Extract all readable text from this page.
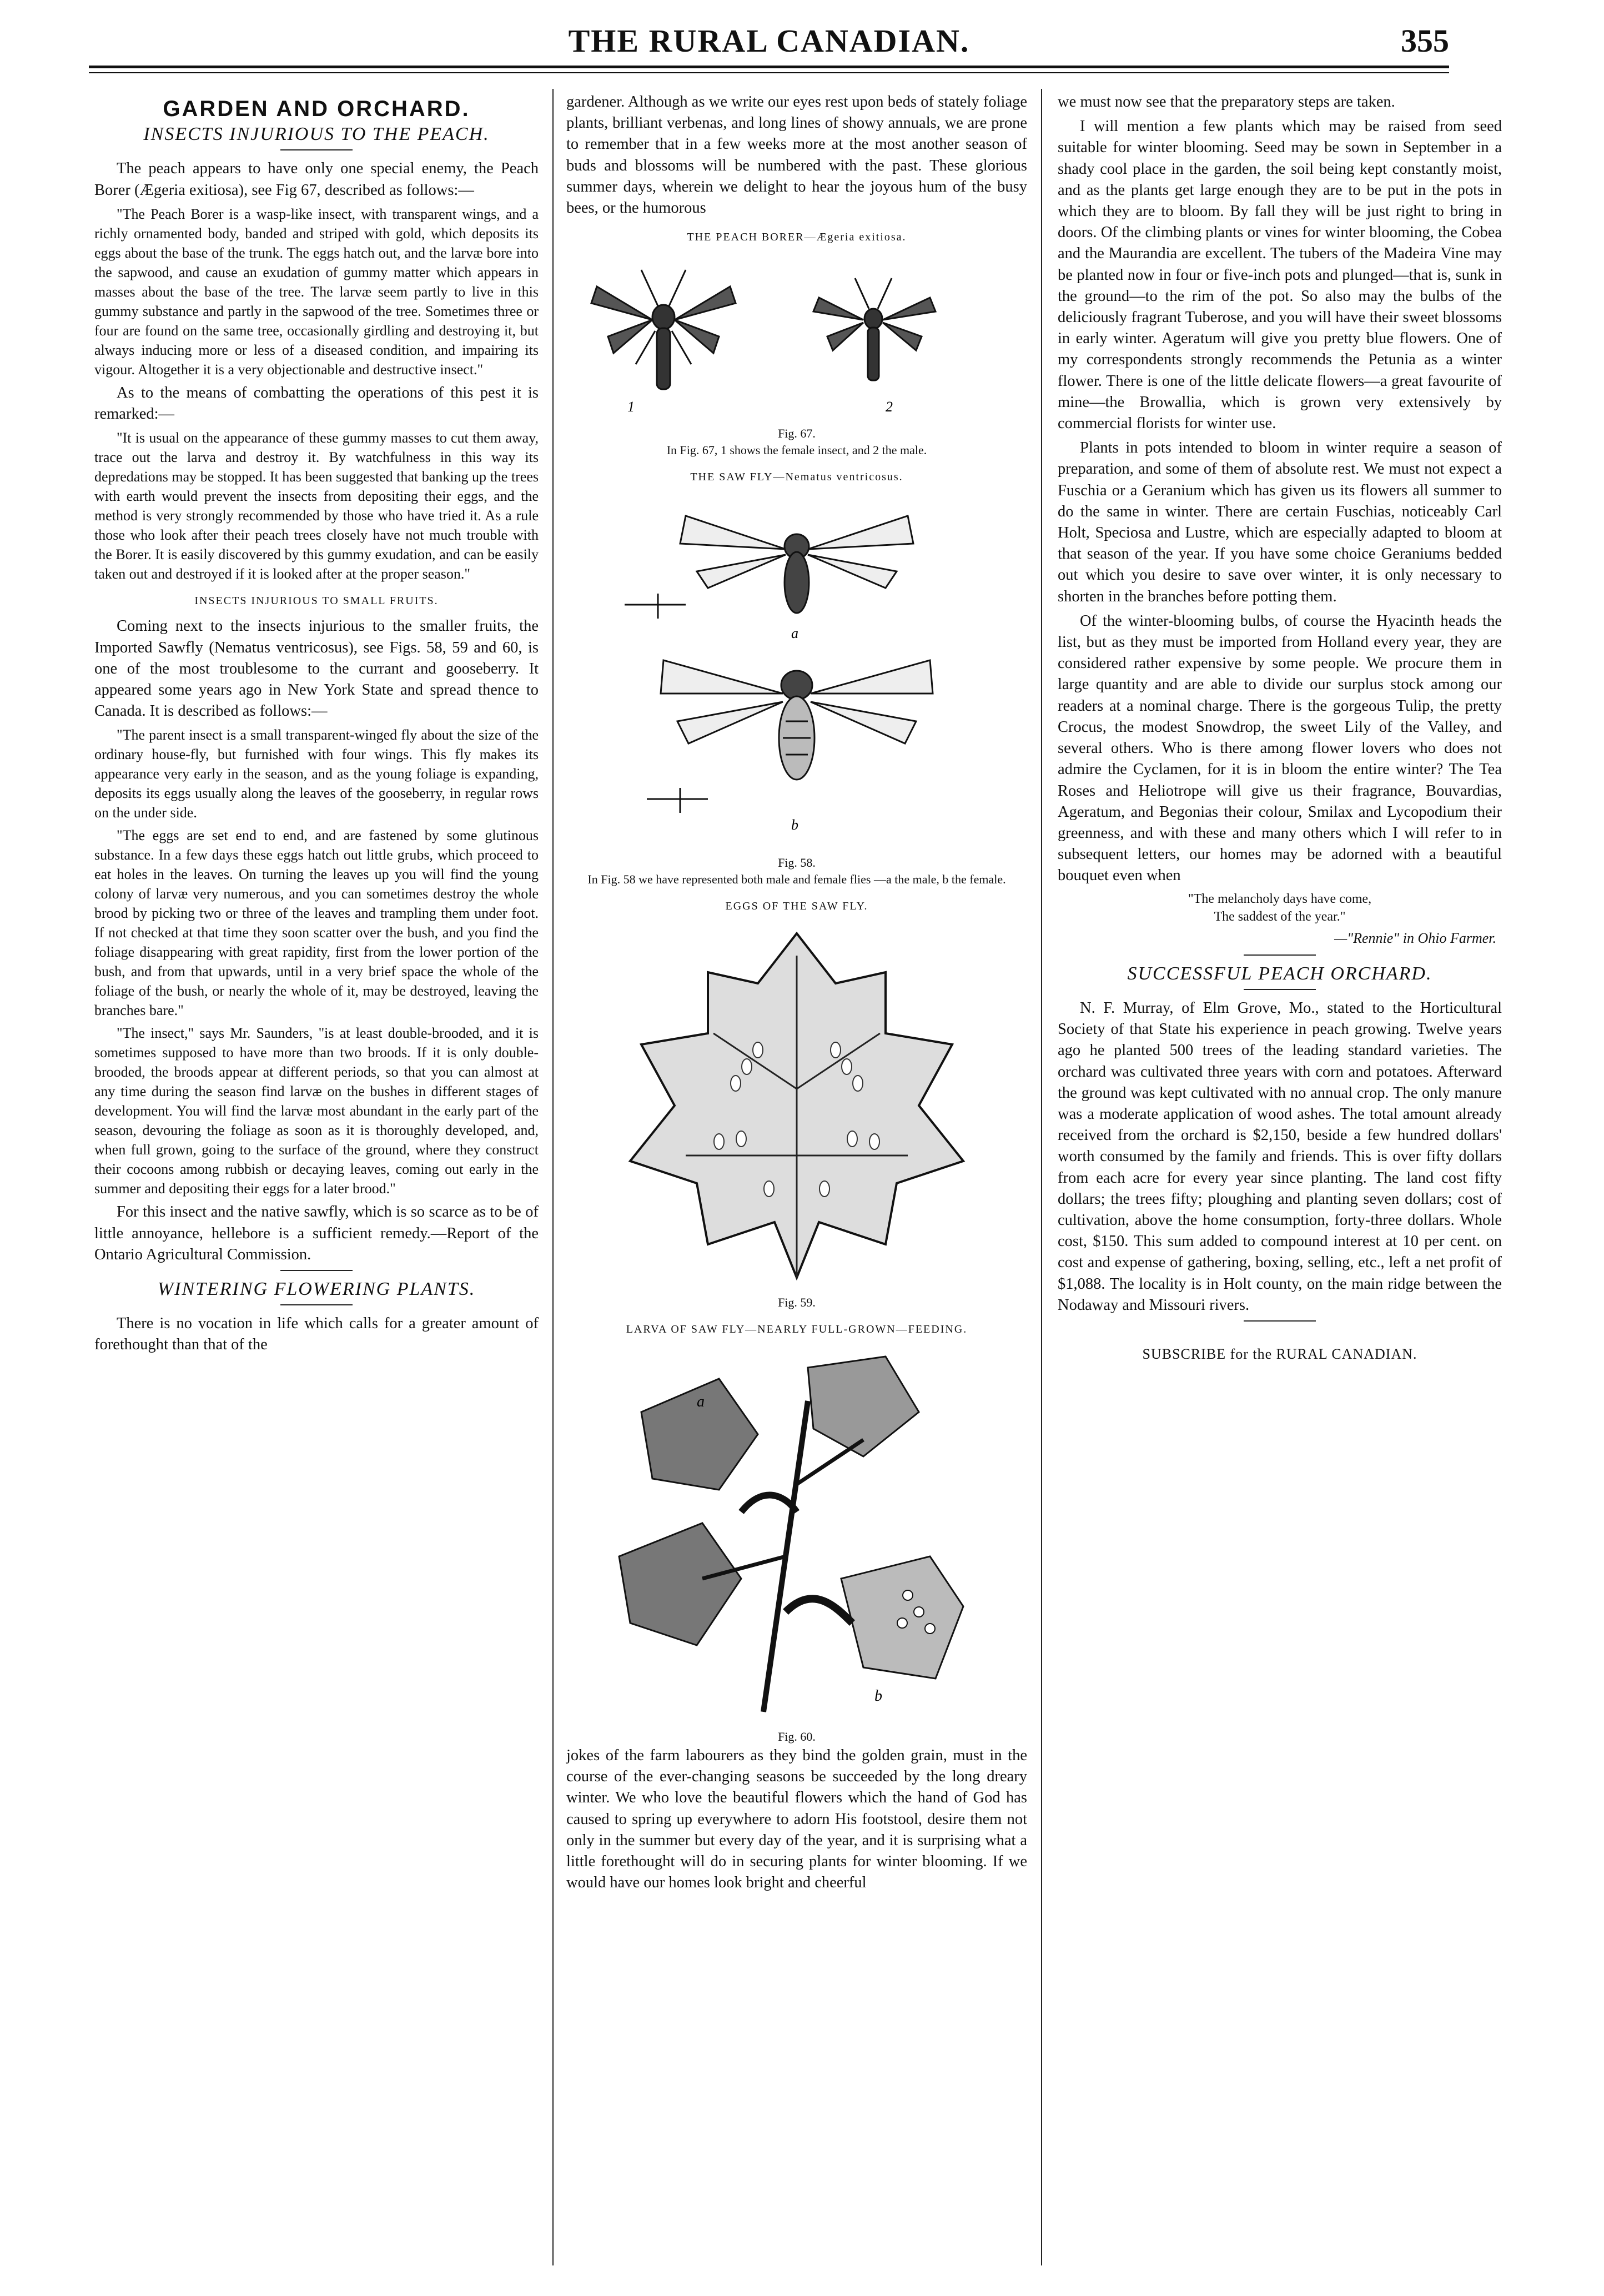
THE RURAL CANADIAN.	355
GARDEN AND ORCHARD.
INSECTS INJURIOUS TO THE PEACH.

The peach appears to have only one special enemy, the Peach Borer (Ægeria exitiosa), see Fig 67, described as follows:—

"The Peach Borer is a wasp-like insect, with transparent wings, and a richly ornamented body, banded and striped with gold, which deposits its eggs about the base of the trunk. The eggs hatch out, and the larvæ bore into the sapwood, and cause an exudation of gummy matter which appears in masses about the base of the tree. The larvæ seem partly to live in this gummy substance and partly in the sapwood of the tree. Sometimes three or four are found on the same tree, occasionally girdling and destroying it, but always inducing more or less of a diseased condition, and impairing its vigour. Altogether it is a very objectionable and destructive insect."

As to the means of combatting the operations of this pest it is remarked:—

"It is usual on the appearance of these gummy masses to cut them away, trace out the larva and destroy it. By watchfulness in this way its depredations may be stopped. It has been suggested that banking up the trees with earth would prevent the insects from depositing their eggs, and the method is very strongly recommended by those who have tried it. As a rule those who look after their peach trees closely have not much trouble with the Borer. It is easily discovered by this gummy exudation, and can be easily taken out and destroyed if it is looked after at the proper season."

INSECTS INJURIOUS TO SMALL FRUITS.

Coming next to the insects injurious to the smaller fruits, the Imported Sawfly (Nematus ventricosus), see Figs. 58, 59 and 60, is one of the most troublesome to the currant and gooseberry. It appeared some years ago in New York State and spread thence to Canada. It is described as follows:—

"The parent insect is a small transparent-winged fly about the size of the ordinary house-fly, but furnished with four wings. This fly makes its appearance very early in the season, and as the young foliage is expanding, deposits its eggs usually along the leaves of the gooseberry, in regular rows on the under side.

"The eggs are set end to end, and are fastened by some glutinous substance. In a few days these eggs hatch out little grubs, which proceed to eat holes in the leaves. On turning the leaves up you will find the young colony of larvæ very numerous, and you can sometimes destroy the whole brood by picking two or three of the leaves and trampling them under foot. If not checked at that time they soon scatter over the bush, and you find the foliage disappearing with great rapidity, first from the lower portion of the bush, and from that upwards, until in a very brief space the whole of the foliage of the bush, or nearly the whole of it, may be destroyed, leaving the branches bare."

"The insect," says Mr. Saunders, "is at least double-brooded, and it is sometimes supposed to have more than two broods. If it is only double-brooded, the broods appear at different periods, so that you can almost at any time during the season find larvæ on the bushes in different stages of development. You will find the larvæ most abundant in the early part of the season, devouring the foliage as soon as it is thoroughly developed, and, when full grown, going to the surface of the ground, where they construct their cocoons among rubbish or decaying leaves, coming out early in the summer and depositing their eggs for a later brood."

For this insect and the native sawfly, which is so scarce as to be of little annoyance, hellebore is a sufficient remedy.—Report of the Ontario Agricultural Commission.

WINTERING FLOWERING PLANTS.

There is no vocation in life which calls for a greater amount of forethought than that of the

gardener. Although as we write our eyes rest upon beds of stately foliage plants, brilliant verbenas, and long lines of showy annuals, we are prone to remember that in a few weeks more at the most another season of buds and blossoms will be numbered with the past. These glorious summer days, wherein we delight to hear the joyous hum of the busy bees, or the humorous

THE PEACH BORER—Ægeria exitiosa.
1	2
Fig. 67.
In Fig. 67, 1 shows the female insect, and 2 the male.
THE SAW FLY—Nematus ventricosus.
a
b
Fig. 58.
In Fig. 58 we have represented both male and female flies —a the male, b the female.
EGGS OF THE SAW FLY.
Fig. 59.
LARVA OF SAW FLY—NEARLY FULL-GROWN—FEEDING.
a
b
Fig. 60.

jokes of the farm labourers as they bind the golden grain, must in the course of the ever-changing seasons be succeeded by the long dreary winter. We who love the beautiful flowers which the hand of God has caused to spring up everywhere to adorn His footstool, desire them not only in the summer but every day of the year, and it is surprising what a little forethought will do in securing plants for winter blooming. If we would have our homes look bright and cheerful

we must now see that the preparatory steps are taken.

I will mention a few plants which may be raised from seed suitable for winter blooming. Seed may be sown in September in a shady cool place in the garden, the soil being kept constantly moist, and as the plants get large enough they are to be put in the pots in which they are to bloom. By fall they will be just right to bring in doors. Of the climbing plants or vines for winter blooming, the Cobea and the Maurandia are excellent. The tubers of the Madeira Vine may be planted now in four or five-inch pots and plunged—that is, sunk in the ground—to the rim of the pot. So also may the bulbs of the deliciously fragrant Tuberose, and you will have their sweet blossoms in early winter. Ageratum will give you pretty blue flowers. One of my correspondents strongly recommends the Petunia as a winter flower. There is one of the little delicate flowers—a great favourite of mine—the Browallia, which is grown very extensively by commercial florists for winter use.

Plants in pots intended to bloom in winter require a season of preparation, and some of them of absolute rest. We must not expect a Fuschia or a Geranium which has given us its flowers all summer to do the same in winter. There are certain Fuschias, noticeably Carl Holt, Speciosa and Lustre, which are especially adapted to bloom at that season of the year. If you have some choice Geraniums bedded out which you desire to save over winter, it is only necessary to shorten in the branches before potting them.

Of the winter-blooming bulbs, of course the Hyacinth heads the list, but as they must be imported from Holland every year, they are considered rather expensive by some people. We procure them in large quantity and are able to divide our surplus stock among our readers at a nominal charge. There is the gorgeous Tulip, the pretty Crocus, the modest Snowdrop, the sweet Lily of the Valley, and several others. Who is there among flower lovers who does not admire the Cyclamen, for it is in bloom the entire winter? The Tea Roses and Heliotrope will give us their fragrance, Bouvardias, Ageratum, and Begonias their colour, Smilax and Lycopodium their greenness, and with these and many others which I will refer to in subsequent letters, our homes may be adorned with a beautiful bouquet even when

"The melancholy days have come,
The saddest of the year."
—"Rennie" in Ohio Farmer.
SUCCESSFUL PEACH ORCHARD.

N. F. Murray, of Elm Grove, Mo., stated to the Horticultural Society of that State his experience in peach growing. Twelve years ago he planted 500 trees of the leading standard varieties. The orchard was cultivated three years with corn and potatoes. Afterward the ground was kept cultivated with no annual crop. The only manure was a moderate application of wood ashes. The total amount already received from the orchard is $2,150, beside a few hundred dollars' worth consumed by the family and friends. This is over fifty dollars from each acre for every year since planting. The land cost fifty dollars; the trees fifty; ploughing and planting seven dollars; cost of cultivation, above the home consumption, forty-three dollars. Whole cost, $150. This sum added to compound interest at 10 per cent. on cost and expense of gathering, boxing, selling, etc., left a net profit of $1,088. The locality is in Holt county, on the main ridge between the Nodaway and Missouri rivers.

SUBSCRIBE for the RURAL CANADIAN.
